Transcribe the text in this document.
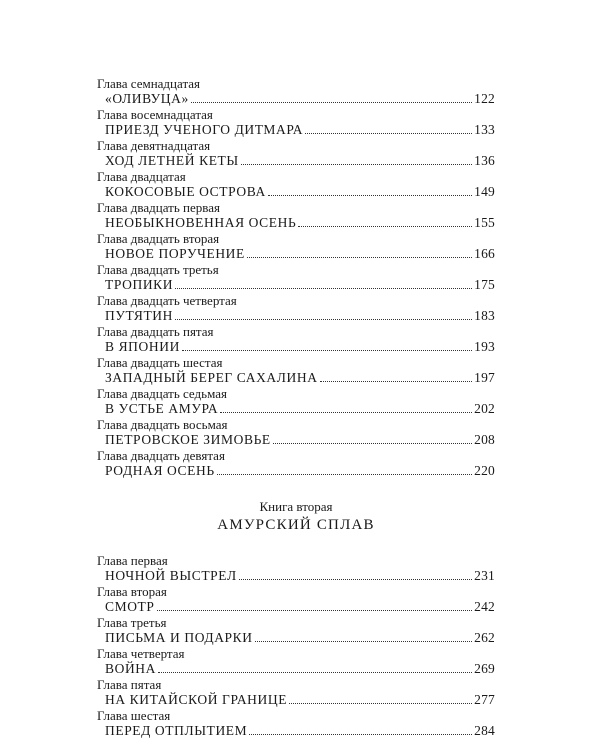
Глава семнадцатая
«ОЛИВУЦА»	122
Глава восемнадцатая
ПРИЕЗД УЧЕНОГО ДИТМАРА	133
Глава девятнадцатая
ХОД ЛЕТНЕЙ КЕТЫ	136
Глава двадцатая
КОКОСОВЫЕ ОСТРОВА	149
Глава двадцать первая
НЕОБЫКНОВЕННАЯ ОСЕНЬ	155
Глава двадцать вторая
НОВОЕ ПОРУЧЕНИЕ	166
Глава двадцать третья
ТРОПИКИ	175
Глава двадцать четвертая
ПУТЯТИН	183
Глава двадцать пятая
В ЯПОНИИ	193
Глава двадцать шестая
ЗАПАДНЫЙ БЕРЕГ САХАЛИНА	197
Глава двадцать седьмая
В УСТЬЕ АМУРА	202
Глава двадцать восьмая
ПЕТРОВСКОЕ ЗИМОВЬЕ	208
Глава двадцать девятая
РОДНАЯ ОСЕНЬ	220
Книга вторая
АМУРСКИЙ СПЛАВ
Глава первая
НОЧНОЙ ВЫСТРЕЛ	231
Глава вторая
СМОТР	242
Глава третья
ПИСЬМА И ПОДАРКИ	262
Глава четвертая
ВОЙНА	269
Глава пятая
НА КИТАЙСКОЙ ГРАНИЦЕ	277
Глава шестая
ПЕРЕД ОТПЛЫТИЕМ	284
